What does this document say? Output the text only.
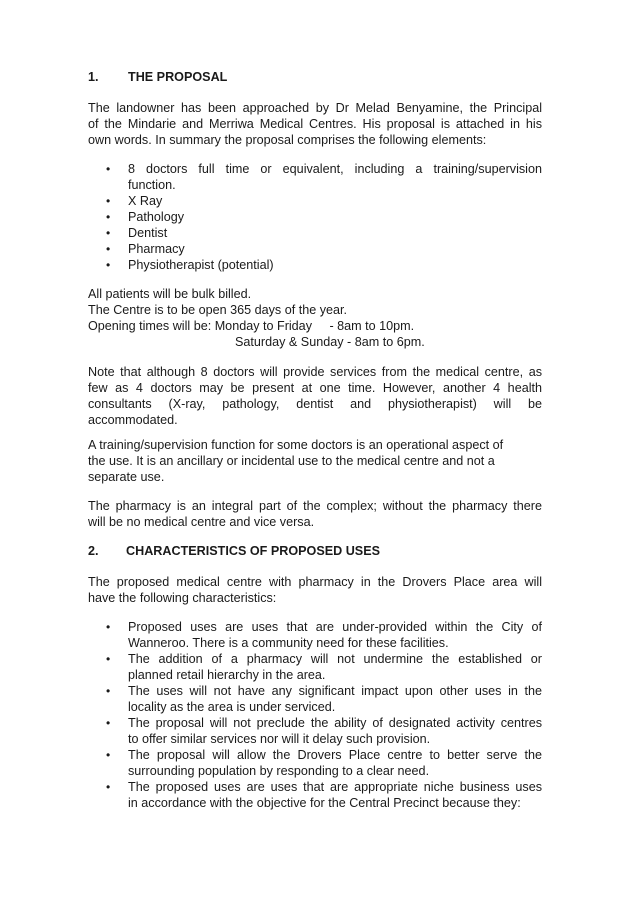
1.	THE PROPOSAL
The landowner has been approached by Dr Melad Benyamine, the Principal
of the Mindarie and Merriwa Medical Centres. His proposal is attached in his
own words. In summary the proposal comprises the following elements:
• 8 doctors full time or equivalent, including a training/supervision
function.
• X Ray
• Pathology
• Dentist
• Pharmacy
• Physiotherapist (potential)
All patients will be bulk billed.
The Centre is to be open 365 days of the year.
Opening times will be: Monday to Friday     - 8am to 10pm.
Saturday & Sunday - 8am to 6pm.
Note that although 8 doctors will provide services from the medical centre, as
few as 4 doctors may be present at one time. However, another 4 health
consultants (X-ray, pathology, dentist and physiotherapist) will be
accommodated.
A training/supervision function for some doctors is an operational aspect of
the use. It is an ancillary or incidental use to the medical centre and not a
separate use.
The pharmacy is an integral part of the complex; without the pharmacy there
will be no medical centre and vice versa.
2.	CHARACTERISTICS OF PROPOSED USES
The proposed medical centre with pharmacy in the Drovers Place area will
have the following characteristics:
• Proposed uses are uses that are under-provided within the City of
Wanneroo. There is a community need for these facilities.
• The addition of a pharmacy will not undermine the established or
planned retail hierarchy in the area.
• The uses will not have any significant impact upon other uses in the
locality as the area is under serviced.
• The proposal will not preclude the ability of designated activity centres
to offer similar services nor will it delay such provision.
• The proposal will allow the Drovers Place centre to better serve the
surrounding population by responding to a clear need.
• The proposed uses are uses that are appropriate niche business uses
in accordance with the objective for the Central Precinct because they:
